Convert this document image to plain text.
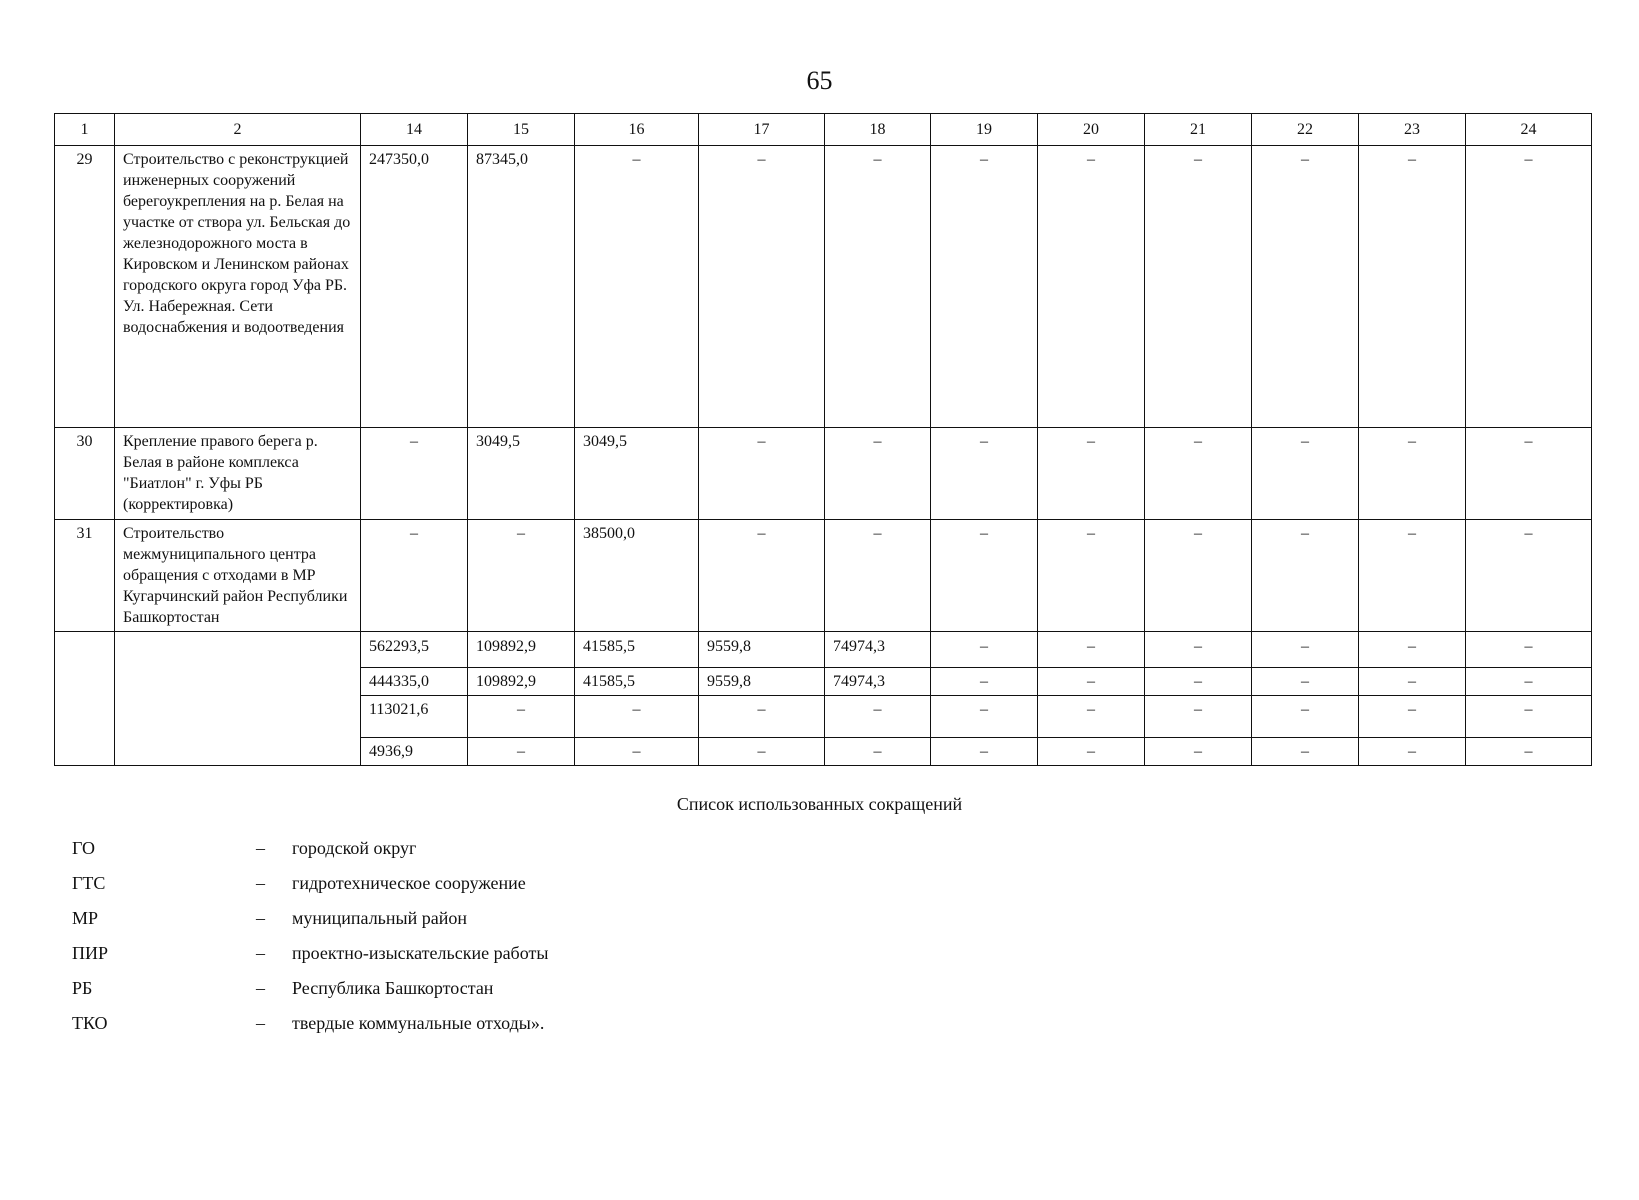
65
1	2	14	15	16	17	18	19	20	21	22	23	24
29	Строительство с реконструкцией инженерных сооружений берегоукрепления на р. Белая на участке от створа ул. Бельская до железнодорожного моста в Кировском и Ленинском районах городского округа город Уфа РБ. Ул. Набережная. Сети водоснабжения и водоотведения	247350,0	87345,0	–	–	–	–	–	–	–	–	–
30	Крепление правого берега р. Белая в районе комплекса "Биатлон" г. Уфы РБ (корректировка)	–	3049,5	3049,5	–	–	–	–	–	–	–	–
31	Строительство межмуниципального центра обращения с отходами в МР Кугарчинский район Республики Башкортостан	–	–	38500,0	–	–	–	–	–	–	–	–
		562293,5	109892,9	41585,5	9559,8	74974,3	–	–	–	–	–	–
		444335,0	109892,9	41585,5	9559,8	74974,3	–	–	–	–	–	–
		113021,6	–	–	–	–	–	–	–	–	–	–
		4936,9	–	–	–	–	–	–	–	–	–	–
Список использованных сокращений
ГО	– городской округ
ГТС	– гидротехническое сооружение
МР	– муниципальный район
ПИР	– проектно-изыскательские работы
РБ	– Республика Башкортостан
ТКО	– твердые коммунальные отходы».
